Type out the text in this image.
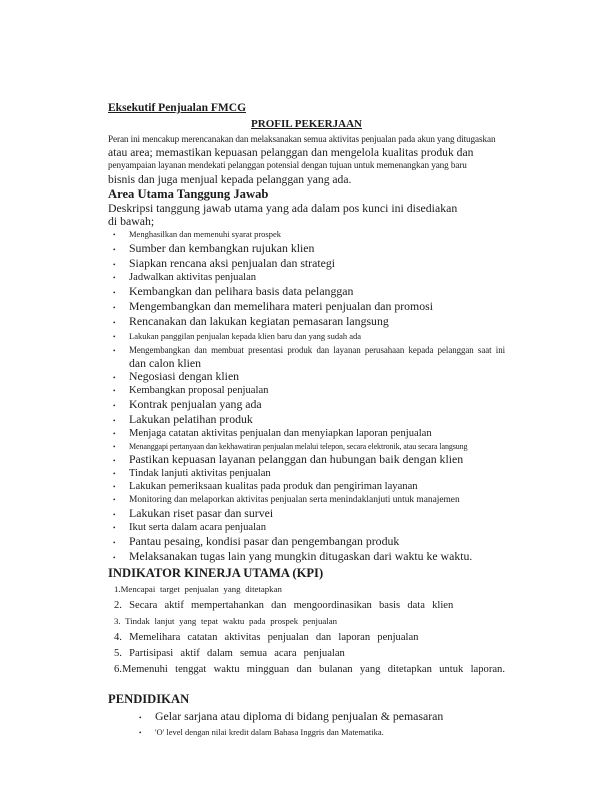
Eksekutif Penjualan FMCG
PROFIL PEKERJAAN
Peran ini mencakup merencanakan dan melaksanakan semua aktivitas penjualan pada akun yang ditugaskan
atau area; memastikan kepuasan pelanggan dan mengelola kualitas produk dan
penyampaian layanan mendekati pelanggan potensial dengan tujuan untuk memenangkan yang baru
bisnis dan juga menjual kepada pelanggan yang ada.
Area Utama Tanggung Jawab
Deskripsi tanggung jawab utama yang ada dalam pos kunci ini disediakan
di bawah;
•	Menghasilkan dan memenuhi syarat prospek
•	Sumber dan kembangkan rujukan klien
•	Siapkan rencana aksi penjualan dan strategi
•	Jadwalkan aktivitas penjualan
•	Kembangkan dan pelihara basis data pelanggan
•	Mengembangkan dan memelihara materi penjualan dan promosi
•	Rencanakan dan lakukan kegiatan pemasaran langsung
•	Lakukan panggilan penjualan kepada klien baru dan yang sudah ada
•	Mengembangkan dan membuat presentasi produk dan layanan perusahaan kepada pelanggan saat ini
dan calon klien
•	Negosiasi dengan klien
•	Kembangkan proposal penjualan
•	Kontrak penjualan yang ada
•	Lakukan pelatihan produk
•	Menjaga catatan aktivitas penjualan dan menyiapkan laporan penjualan
•	Menanggapi pertanyaan dan kekhawatiran penjualan melalui telepon, secara elektronik, atau secara langsung
•	Pastikan kepuasan layanan pelanggan dan hubungan baik dengan klien
•	Tindak lanjuti aktivitas penjualan
•	Lakukan pemeriksaan kualitas pada produk dan pengiriman layanan
•	Monitoring dan melaporkan aktivitas penjualan serta menindaklanjuti untuk manajemen
•	Lakukan riset pasar dan survei
•	Ikut serta dalam acara penjualan
•	Pantau pesaing, kondisi pasar dan pengembangan produk
•	Melaksanakan tugas lain yang mungkin ditugaskan dari waktu ke waktu.
INDIKATOR KINERJA UTAMA (KPI)
1.Mencapai target penjualan yang ditetapkan
2. Secara aktif mempertahankan dan mengoordinasikan basis data klien
3. Tindak lanjut yang tepat waktu pada prospek penjualan
4. Memelihara catatan aktivitas penjualan dan laporan penjualan
5. Partisipasi aktif dalam semua acara penjualan
6.Memenuhi tenggat waktu mingguan dan bulanan yang ditetapkan untuk laporan.
PENDIDIKAN
•	Gelar sarjana atau diploma di bidang penjualan & pemasaran
•	'O' level dengan nilai kredit dalam Bahasa Inggris dan Matematika.
